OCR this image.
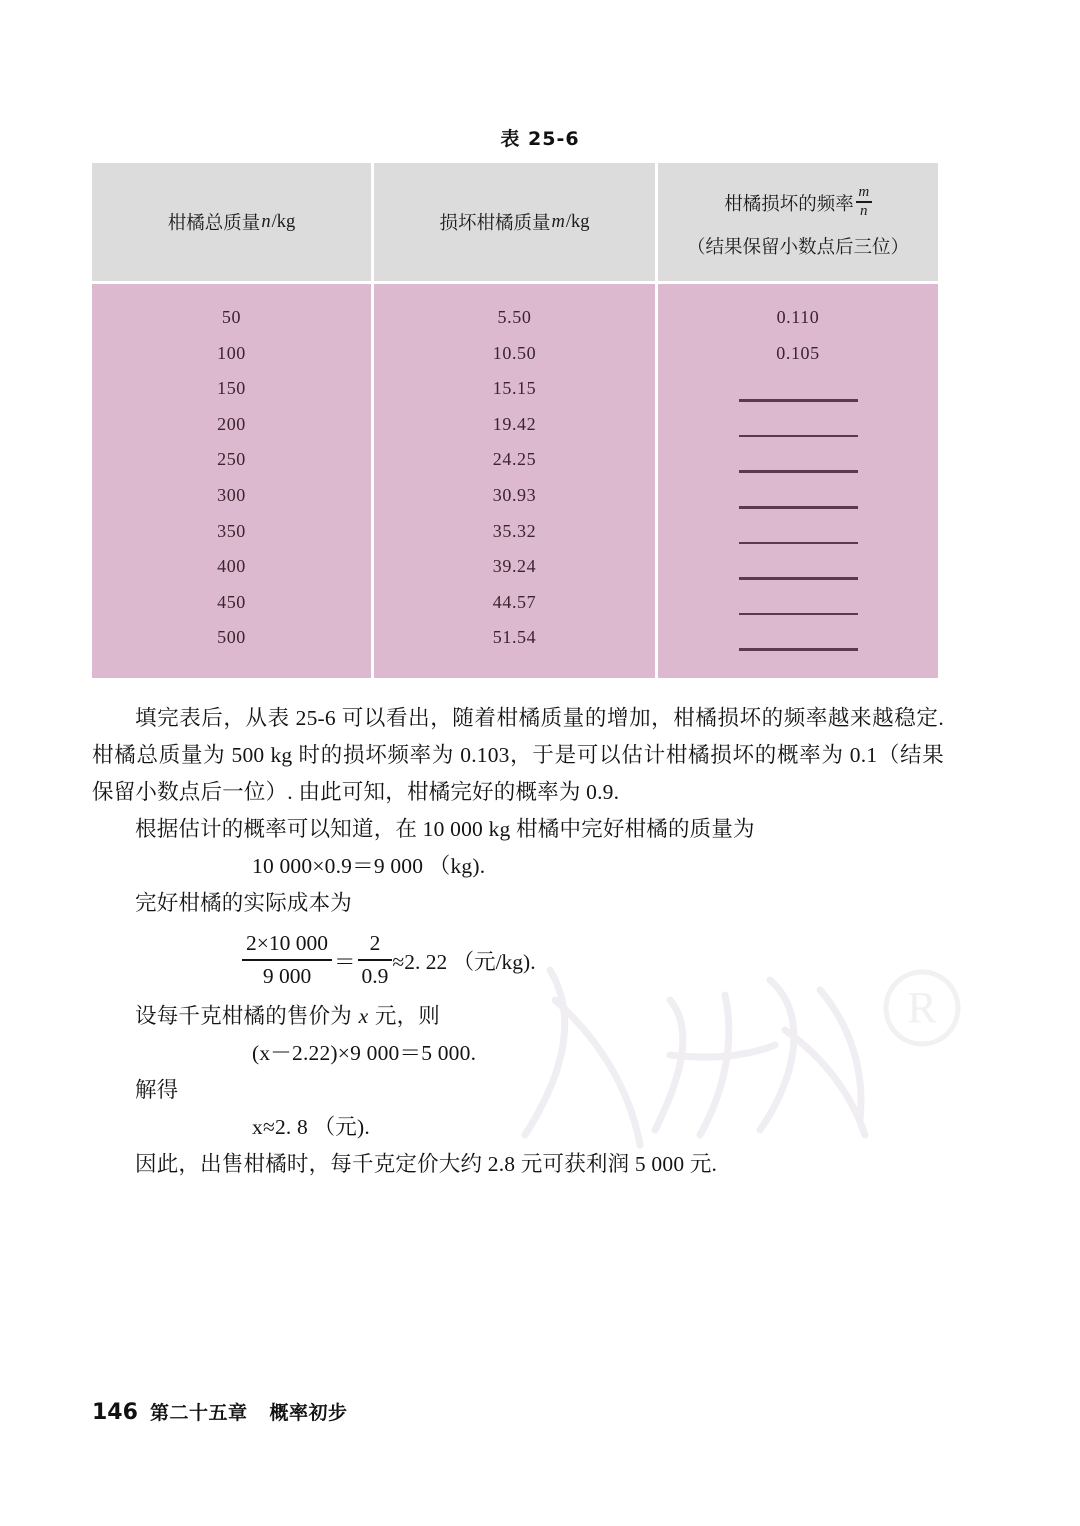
R
表 25-6
柑橘总质量 n /kg	损坏柑橘质量 m /kg
柑橘损坏的频率 $\frac{m}{n}$
（结果保留小数点后三位）
50
100
150
200
250
300
350
400
450
500
5.50
10.50
15.15
19.42
24.25
30.93
35.32
39.24
44.57
51.54
0.110
0.105

填完表后，从表 25-6 可以看出，随着柑橘质量的增加，柑橘损坏的频率越来越稳定. 柑橘总质量为 500 kg 时的损坏频率为 0.103，于是可以估计柑橘损坏的概率为 0.1（结果保留小数点后一位）. 由此可知，柑橘完好的概率为 0.9.

根据估计的概率可以知道，在 10 000 kg 柑橘中完好柑橘的质量为

10 000×0.9＝9 000 （kg).

完好柑橘的实际成本为

2×10 000
9 000
＝
2
0.9
≈2. 22 （元/kg).

设每千克柑橘的售价为 x 元，则

(x－2.22)×9 000＝5 000.

解得

x≈2. 8 （元).

因此，出售柑橘时，每千克定价大约 2.8 元可获利润 5 000 元.

146 第二十五章 概率初步
